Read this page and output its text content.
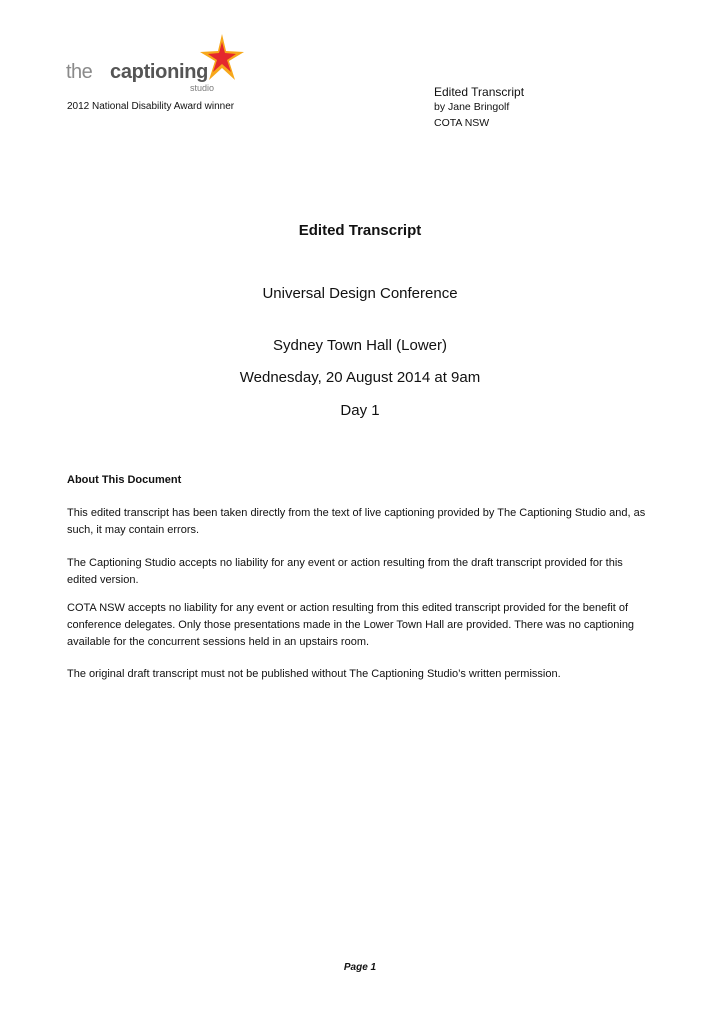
the captioning
studio
2012 National Disability Award winner
Edited Transcript
by Jane Bringolf
COTA NSW
Edited Transcript
Universal Design Conference
Sydney Town Hall (Lower)
Wednesday, 20 August 2014 at 9am
Day 1
About This Document

This edited transcript has been taken directly from the text of live captioning provided by The Captioning Studio and, as such, it may contain errors.

The Captioning Studio accepts no liability for any event or action resulting from the draft transcript provided for this edited version.

COTA NSW accepts no liability for any event or action resulting from this edited transcript provided for the benefit of conference delegates. Only those presentations made in the Lower Town Hall are provided. There was no captioning available for the concurrent sessions held in an upstairs room.

The original draft transcript must not be published without The Captioning Studio’s written permission.

Page 1
